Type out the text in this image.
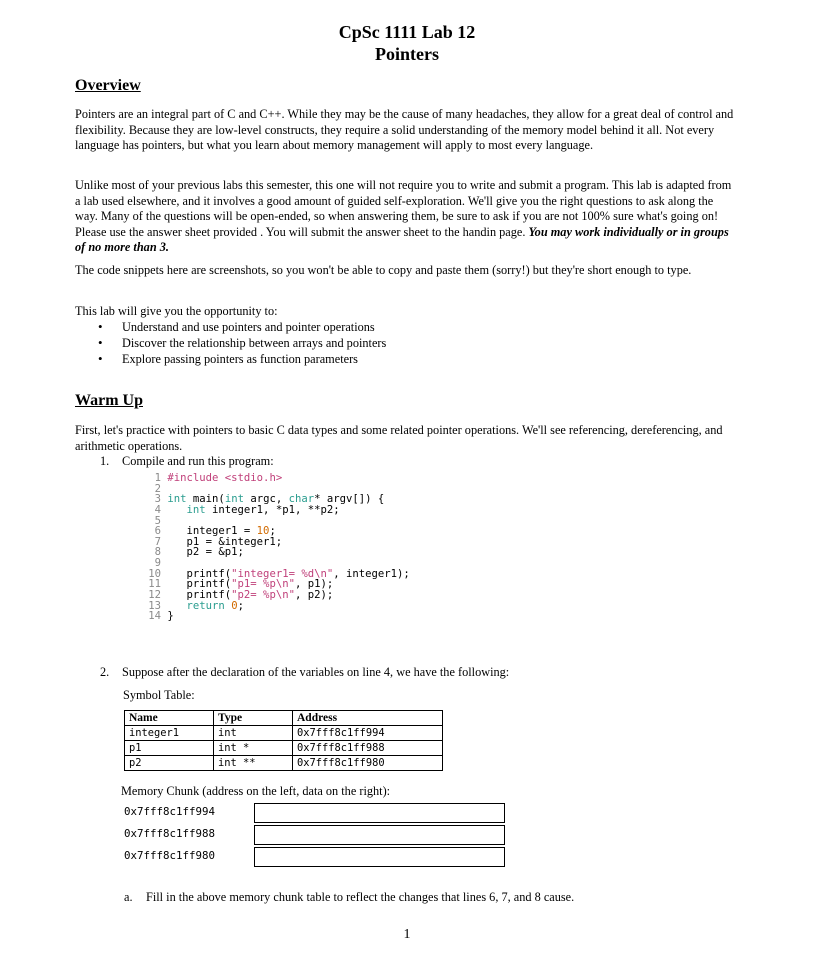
CpSc 1111 Lab 12
Pointers
Overview
Pointers are an integral part of C and C++. While they may be the cause of many headaches, they allow for a great deal of control and flexibility. Because they are low-level constructs, they require a solid understanding of the memory model behind it all. Not every language has pointers, but what you learn about memory management will apply to most every language.
Unlike most of your previous labs this semester, this one will not require you to write and submit a program. This lab is adapted from a lab used elsewhere, and it involves a good amount of guided self-exploration. We'll give you the right questions to ask along the way. Many of the questions will be open-ended, so when answering them, be sure to ask if you are not 100% sure what's going on! Please use the answer sheet provided . You will submit the answer sheet to the handin page. You may work individually or in groups of no more than 3.
The code snippets here are screenshots, so you won't be able to copy and paste them (sorry!) but they're short enough to type.
This lab will give you the opportunity to:
• Understand and use pointers and pointer operations
• Discover the relationship between arrays and pointers
• Explore passing pointers as function parameters
Warm Up
First, let's practice with pointers to basic C data types and some related pointer operations. We'll see referencing, dereferencing, and arithmetic operations.
1. Compile and run this program:
1 #include <stdio.h>
2
3 int main(int argc, char* argv[]) {
4 int integer1, *p1, **p2;
5
6    integer1 = 10;
7    p1 = &integer1;
8    p2 = &p1;
9
10    printf("integer1= %d\n", integer1);
11    printf("p1= %p\n", p1);
12    printf("p2= %p\n", p2);
13 return 0;
14 }
2. Suppose after the declaration of the variables on line 4, we have the following:
Symbol Table:
Name	Type	Address
integer1	int	0x7fff8c1ff994
p1	int *	0x7fff8c1ff988
p2	int **	0x7fff8c1ff980
Memory Chunk (address on the left, data on the right):
0x7fff8c1ff994
0x7fff8c1ff988
0x7fff8c1ff980
a. Fill in the above memory chunk table to reflect the changes that lines 6, 7, and 8 cause.
1
